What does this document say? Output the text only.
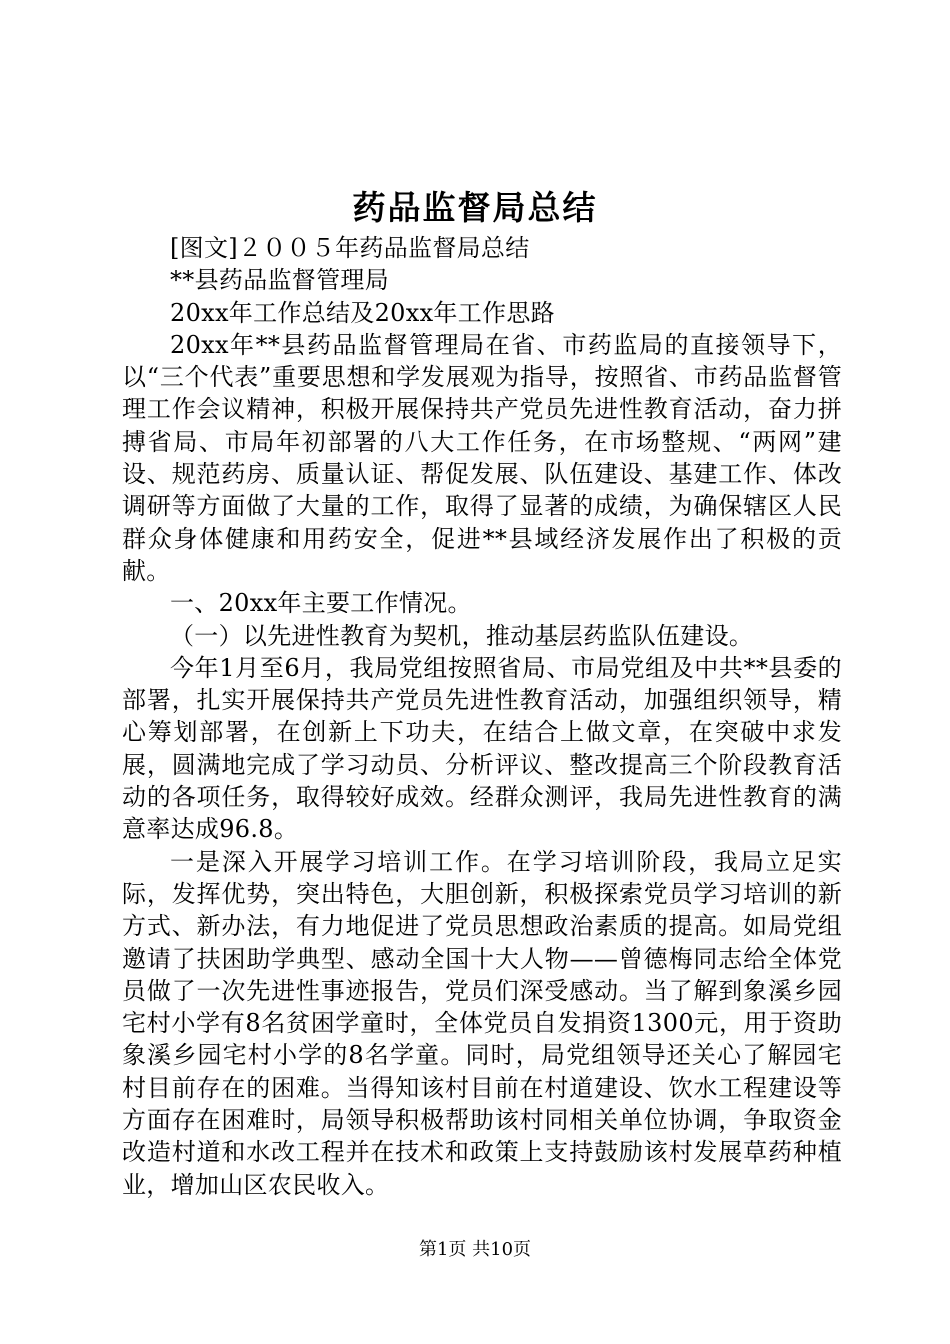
药品监督局总结

[图文]２００５年药品监督局总结

**县药品监督管理局

20xx年工作总结及20xx年工作思路

20xx年**县药品监督管理局在省、市药监局的直接领导下，以“三个代表”重要思想和学发展观为指导，按照省、市药品监督管理工作会议精神，积极开展保持共产党员先进性教育活动，奋力拼搏省局、市局年初部署的八大工作任务，在市场整规、“两网”建设、规范药房、质量认证、帮促发展、队伍建设、基建工作、体改调研等方面做了大量的工作，取得了显著的成绩，为确保辖区人民群众身体健康和用药安全，促进**县域经济发展作出了积极的贡献。

一、20xx年主要工作情况。

（一）以先进性教育为契机，推动基层药监队伍建设。

今年1月至6月，我局党组按照省局、市局党组及中共**县委的部署，扎实开展保持共产党员先进性教育活动，加强组织领导，精心筹划部署，在创新上下功夫，在结合上做文章，在突破中求发展，圆满地完成了学习动员、分析评议、整改提高三个阶段教育活动的各项任务，取得较好成效。经群众测评，我局先进性教育的满意率达成96.8。

一是深入开展学习培训工作。在学习培训阶段，我局立足实际，发挥优势，突出特色，大胆创新，积极探索党员学习培训的新方式、新办法，有力地促进了党员思想政治素质的提高。如局党组邀请了扶困助学典型、感动全国十大人物——曾德梅同志给全体党员做了一次先进性事迹报告，党员们深受感动。当了解到象溪乡园宅村小学有8名贫困学童时，全体党员自发捐资1300元，用于资助象溪乡园宅村小学的8名学童。同时，局党组领导还关心了解园宅村目前存在的困难。当得知该村目前在村道建设、饮水工程建设等方面存在困难时，局领导积极帮助该村同相关单位协调，争取资金改造村道和水改工程并在技术和政策上支持鼓励该村发展草药种植业，增加山区农民收入。

第1页 共10页
